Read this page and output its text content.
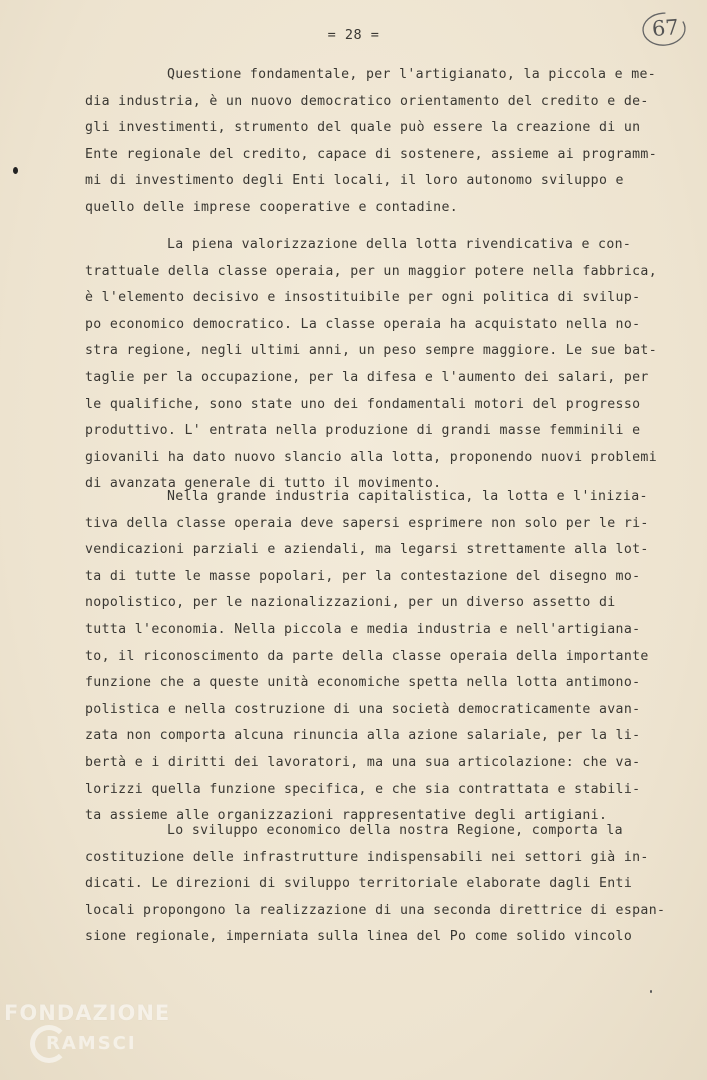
= 28 =	67
Questione fondamentale, per l'artigianato, la piccola e me-
dia industria, è un nuovo democratico orientamento del credito e de-
gli investimenti, strumento del quale può essere la creazione di un
Ente regionale del credito, capace di sostenere, assieme ai programm-
mi di investimento degli Enti locali, il loro autonomo sviluppo e
quello delle imprese cooperative e contadine.
La piena valorizzazione della lotta rivendicativa e con-
trattuale della classe operaia, per un maggior potere nella fabbrica,
è l'elemento decisivo e insostituibile per ogni politica di svilup-
po economico democratico. La classe operaia ha acquistato nella no-
stra regione, negli ultimi anni, un peso sempre maggiore. Le sue bat-
taglie per la occupazione, per la difesa e l'aumento dei salari, per
le qualifiche, sono state uno dei fondamentali motori del progresso
produttivo. L' entrata nella produzione di grandi masse femminili e
giovanili ha dato nuovo slancio alla lotta, proponendo nuovi problemi
di avanzata generale di tutto il movimento.
Nella grande industria capitalistica, la lotta e l'inizia-
tiva della classe operaia deve sapersi esprimere non solo per le ri-
vendicazioni parziali e aziendali, ma legarsi strettamente alla lot-
ta di tutte le masse popolari, per la contestazione del disegno mo-
nopolistico, per le nazionalizzazioni, per un diverso assetto di
tutta l'economia. Nella piccola e media industria e nell'artigiana-
to, il riconoscimento da parte della classe operaia della importante
funzione che a queste unità economiche spetta nella lotta antimono-
polistica e nella costruzione di una società democraticamente avan-
zata non comporta alcuna rinuncia alla azione salariale, per la li-
bertà e i diritti dei lavoratori, ma una sua articolazione: che va-
lorizzi quella funzione specifica, e che sia contrattata e stabili-
ta assieme alle organizzazioni rappresentative degli artigiani.
Lo sviluppo economico della nostra Regione, comporta la
costituzione delle infrastrutture indispensabili nei settori già in-
dicati. Le direzioni di sviluppo territoriale elaborate dagli Enti
locali propongono la realizzazione di una seconda direttrice di espan-
sione regionale, imperniata sulla linea del Po come solido vincolo
FONDAZIONE
RAMSCI
